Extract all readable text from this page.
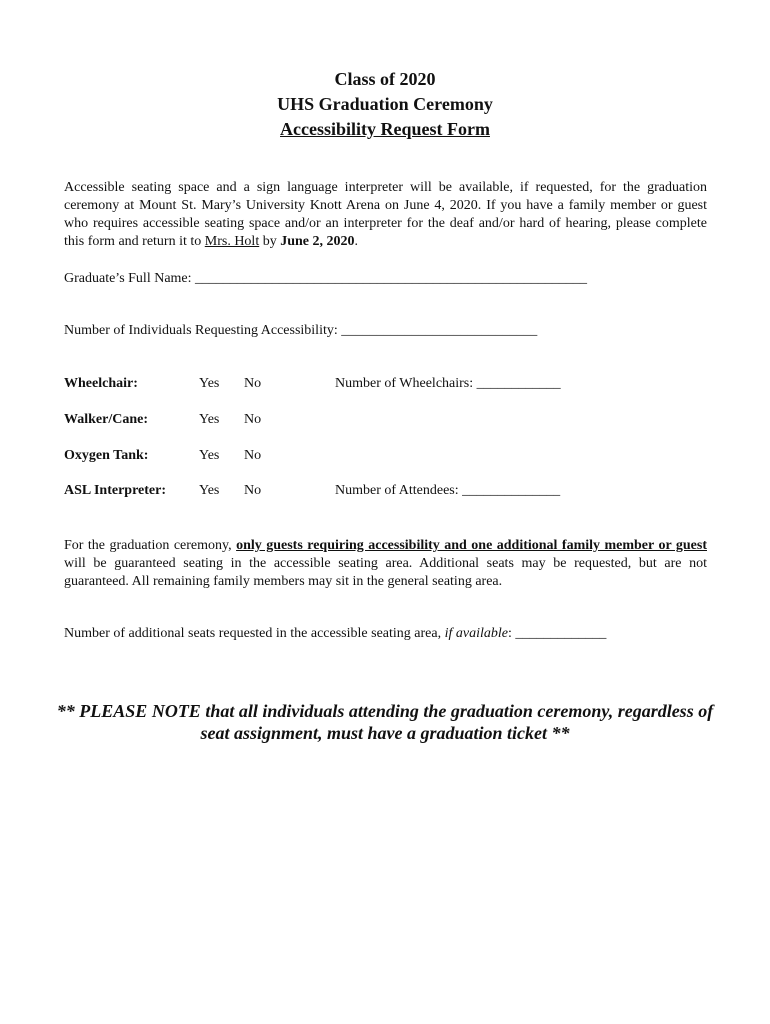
Class of 2020
UHS Graduation Ceremony
Accessibility Request Form

Accessible seating space and a sign language interpreter will be available, if requested, for the graduation ceremony at Mount St. Mary’s University Knott Arena on June 4, 2020. If you have a family member or guest who requires accessible seating space and/or an interpreter for the deaf and/or hard of hearing, please complete this form and return it to Mrs. Holt by June 2, 2020.

Graduate’s Full Name: ________________________________________________________
Number of Individuals Requesting Accessibility: ____________________________
Wheelchair:	Yes No	Number of Wheelchairs: ____________
Walker/Cane:	Yes No
Oxygen Tank:	Yes No
ASL Interpreter: Yes No	Number of Attendees: ______________

For the graduation ceremony, only guests requiring accessibility and one additional family member or guest will be guaranteed seating in the accessible seating area. Additional seats may be requested, but are not guaranteed. All remaining family members may sit in the general seating area.

Number of additional seats requested in the accessible seating area, if available: _____________

** PLEASE NOTE that all individuals attending the graduation ceremony, regardless of
seat assignment, must have a graduation ticket **
